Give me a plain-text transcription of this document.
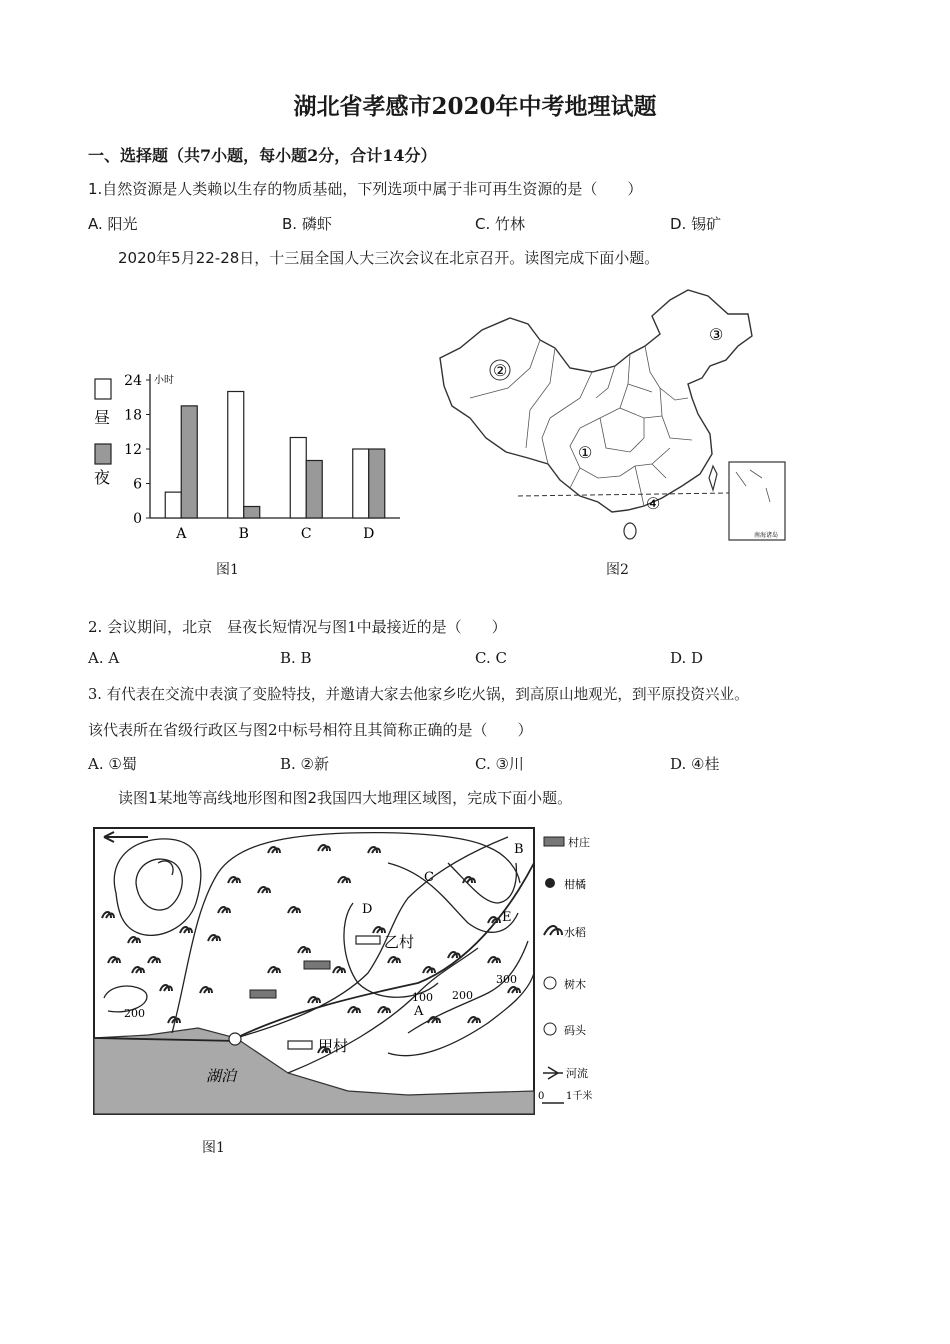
湖北省孝感市2020年中考地理试题
一、选择题（共7小题，每小题2分，合计14分）
1.自然资源是人类赖以生存的物质基础，下列选项中属于非可再生资源的是（　　）
A. 阳光	B. 磷虾	C. 竹林	D. 锡矿
2020年5月22-28日，十三届全国人大三次会议在北京召开。读图完成下面小题。
昼
夜
小时
0
6
12
18
24
A	B	C	D
图1
②
①
③
④
南海诸岛
图2
2. 会议期间，北京　昼夜长短情况与图1中最接近的是（　　）
A. A	B. B	C. C	D. D
3. 有代表在交流中表演了变脸特技，并邀请大家去他家乡吃火锅，到高原山地观光，到平原投资兴业。
该代表所在省级行政区与图2中标号相符且其简称正确的是（　　）
A. ①蜀	B. ②新	C. ③川	D. ④桂
读图1某地等高线地形图和图2我国四大地理区域图，完成下面小题。
湖泊
甲村
乙村
A
B
C
D
E
100 200
300
200
村庄
柑橘
水稻
树木
码头
河流
0 1千米
图1
